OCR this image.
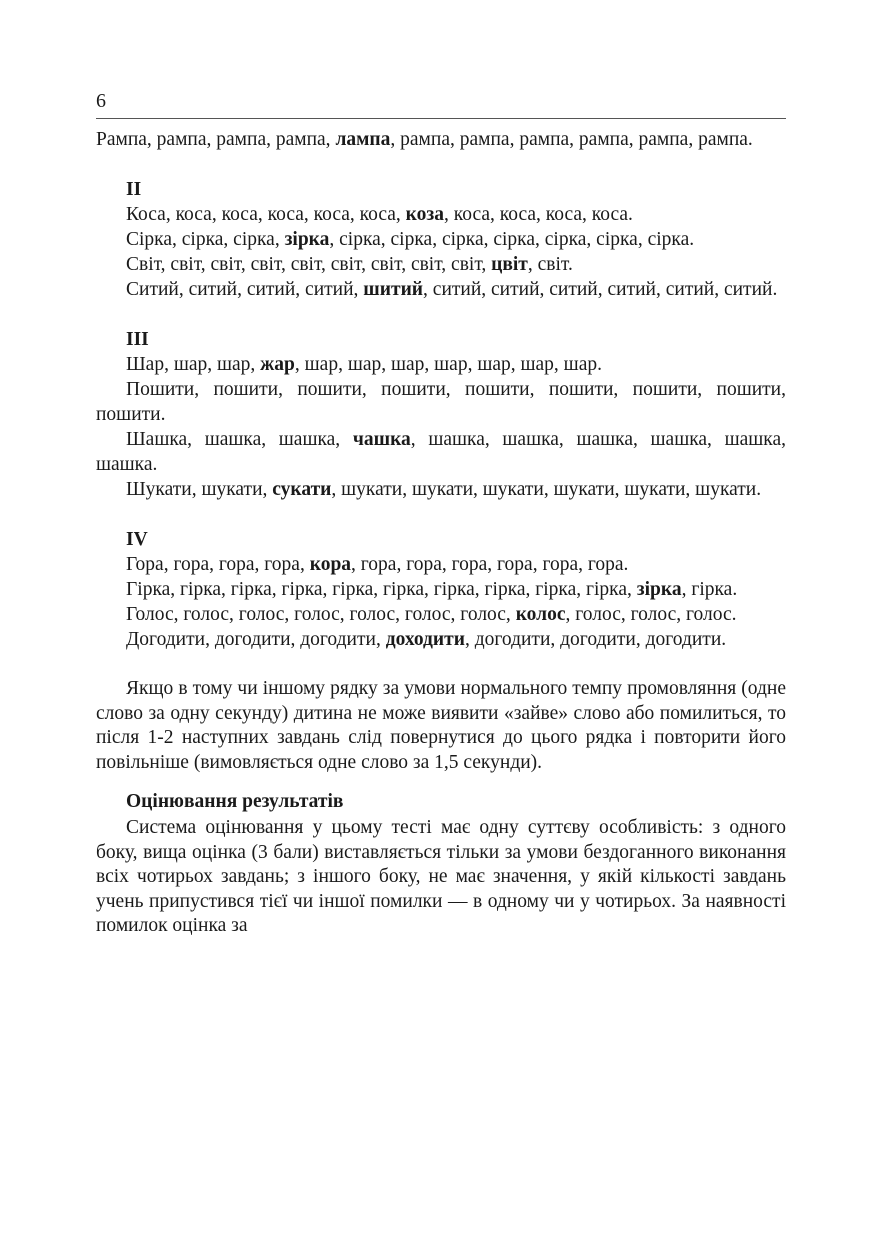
6
Рампа, рампа, рампа, рампа, лампа, рампа, рампа, рампа, рампа, рампа, рампа.
II
Коса, коса, коса, коса, коса, коса, коза, коса, коса, коса, коса.
Сірка, сірка, сірка, зірка, сірка, сірка, сірка, сірка, сірка, сірка, сірка.
Світ, світ, світ, світ, світ, світ, світ, світ, світ, цвіт, світ.
Ситий, ситий, ситий, ситий, шитий, ситий, ситий, ситий, ситий, ситий, ситий.
III
Шар, шар, шар, жар, шар, шар, шар, шар, шар, шар, шар.
Пошити, пошити, пошити, пошити, пошити, пошити, пошити, пошити, пошити.
Шашка, шашка, шашка, чашка, шашка, шашка, шашка, шашка, шашка, шашка.
Шукати, шукати, сукати, шукати, шукати, шукати, шукати, шукати, шукати.
IV
Гора, гора, гора, гора, кора, гора, гора, гора, гора, гора, гора.
Гірка, гірка, гірка, гірка, гірка, гірка, гірка, гірка, гірка, гірка, зірка, гірка.
Голос, голос, голос, голос, голос, голос, голос, колос, голос, голос, голос.
Догодити, догодити, догодити, доходити, догодити, догодити, догодити.
Якщо в тому чи іншому рядку за умови нормального темпу промовляння (одне слово за одну секунду) дитина не може виявити «зайве» слово або помилиться, то після 1-2 наступних завдань слід повернутися до цього рядка і повторити його повільніше (вимовляється одне слово за 1,5 секунди).
Оцінювання результатів
Система оцінювання у цьому тесті має одну суттєву особливість: з одного боку, вища оцінка (3 бали) виставляється тільки за умови бездоганного виконання всіх чотирьох завдань; з іншого боку, не має значення, у якій кількості завдань учень припустився тієї чи іншої помилки — в одному чи у чотирьох. За наявності помилок оцінка за
